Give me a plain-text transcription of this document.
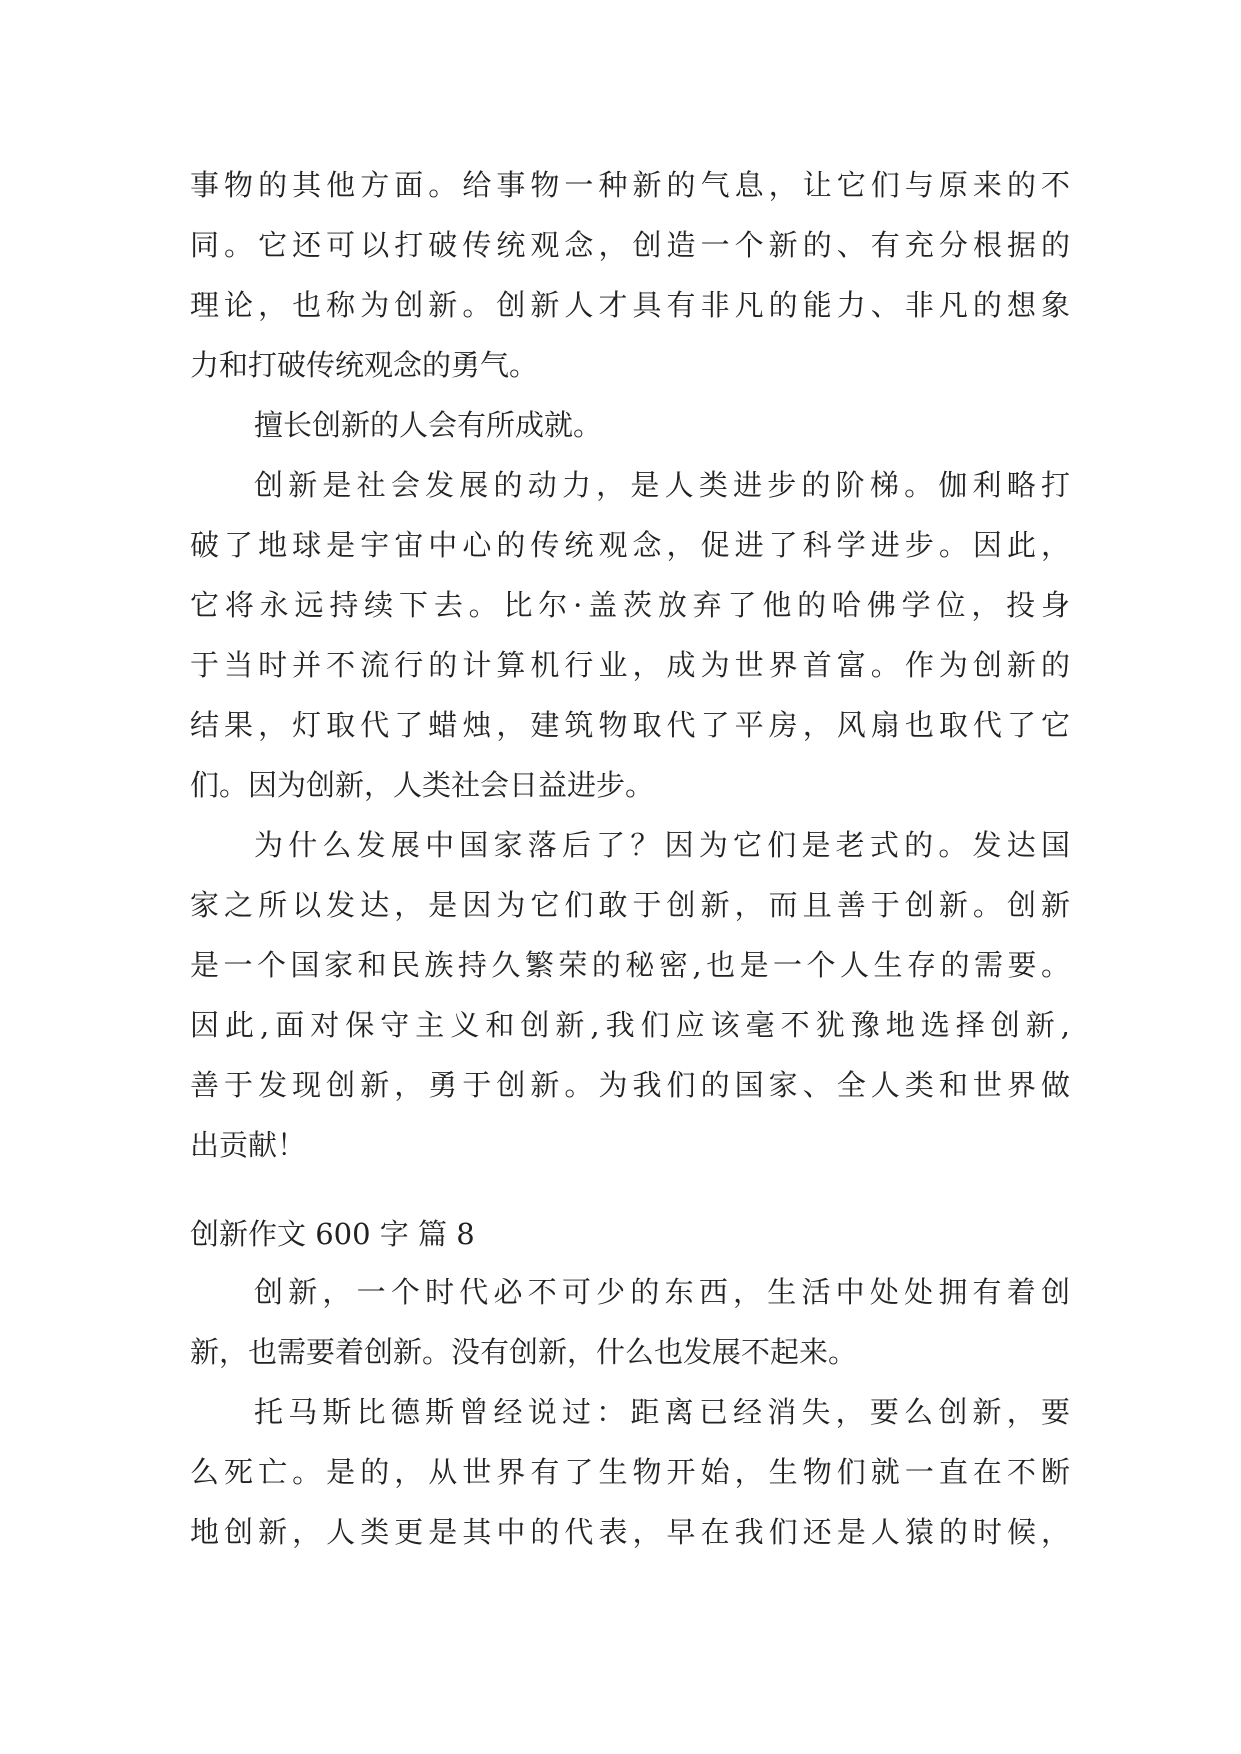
事物的其他方面。给事物一种新的气息，让它们与原来的不
同。它还可以打破传统观念，创造一个新的、有充分根据的
理论，也称为创新。创新人才具有非凡的能力、非凡的想象
力和打破传统观念的勇气。
擅长创新的人会有所成就。
创新是社会发展的动力，是人类进步的阶梯。伽利略打
破了地球是宇宙中心的传统观念，促进了科学进步。因此，
它将永远持续下去。比尔·盖茨放弃了他的哈佛学位，投身
于当时并不流行的计算机行业，成为世界首富。作为创新的
结果，灯取代了蜡烛，建筑物取代了平房，风扇也取代了它
们。因为创新，人类社会日益进步。
为什么发展中国家落后了？因为它们是老式的。发达国
家之所以发达，是因为它们敢于创新，而且善于创新。创新
是一个国家和民族持久繁荣的秘密,也是一个人生存的需要。
因此,面对保守主义和创新,我们应该毫不犹豫地选择创新,
善于发现创新，勇于创新。为我们的国家、全人类和世界做
出贡献！
创新作文 600 字 篇 8
创新，一个时代必不可少的东西，生活中处处拥有着创
新，也需要着创新。没有创新，什么也发展不起来。
托马斯比德斯曾经说过：距离已经消失，要么创新，要
么死亡。是的，从世界有了生物开始，生物们就一直在不断
地创新，人类更是其中的代表，早在我们还是人猿的时候，
